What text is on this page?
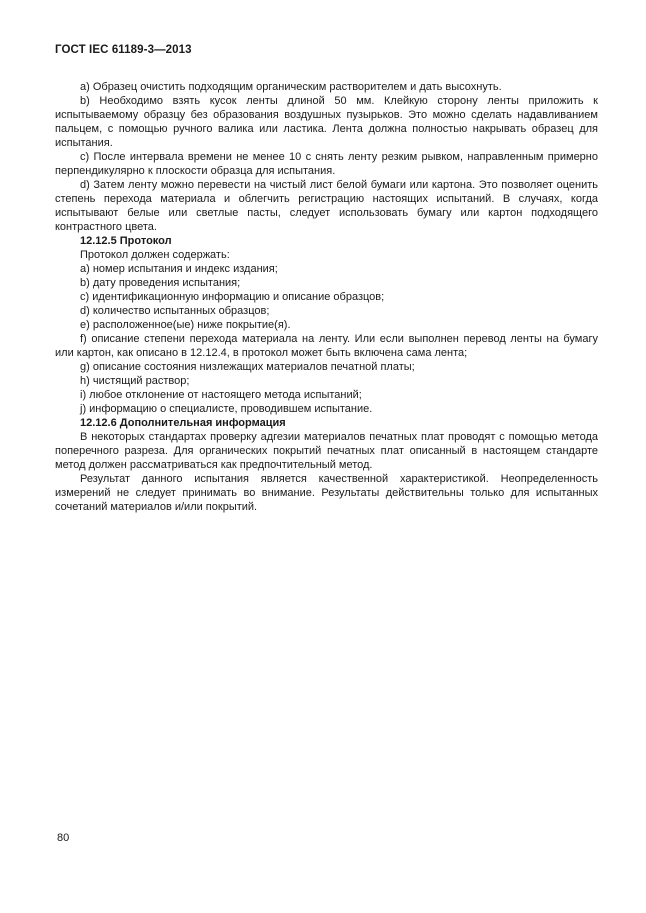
ГОСТ IEC 61189-3—2013

a) Образец очистить подходящим органическим растворителем и дать высохнуть.

b) Необходимо взять кусок ленты длиной 50 мм. Клейкую сторону ленты приложить к испытываемому образцу без образования воздушных пузырьков. Это можно сделать надавливанием пальцем, с помощью ручного валика или ластика. Лента должна полностью накрывать образец для испытания.

c) После интервала времени не менее 10 с снять ленту резким рывком, направленным примерно перпендикулярно к плоскости образца для испытания.

d) Затем ленту можно перевести на чистый лист белой бумаги или картона. Это позволяет оценить степень перехода материала и облегчить регистрацию настоящих испытаний. В случаях, когда испытывают белые или светлые пасты, следует использовать бумагу или картон подходящего контрастного цвета.

12.12.5 Протокол

Протокол должен содержать:

a) номер испытания и индекс издания;

b) дату проведения испытания;

c) идентификационную информацию и описание образцов;

d) количество испытанных образцов;

e) расположенное(ые) ниже покрытие(я).

f) описание степени перехода материала на ленту. Или если выполнен перевод ленты на бумагу или картон, как описано в 12.12.4, в протокол может быть включена сама лента;

g) описание состояния низлежащих материалов печатной платы;

h) чистящий раствор;

i) любое отклонение от настоящего метода испытаний;

j) информацию о специалисте, проводившем испытание.

12.12.6 Дополнительная информация

В некоторых стандартах проверку адгезии материалов печатных плат проводят с помощью метода поперечного разреза. Для органических покрытий печатных плат описанный в настоящем стандарте метод должен рассматриваться как предпочтительный метод.

Результат данного испытания является качественной характеристикой. Неопределенность измерений не следует принимать во внимание. Результаты действительны только для испытанных сочетаний материалов и/или покрытий.

80
